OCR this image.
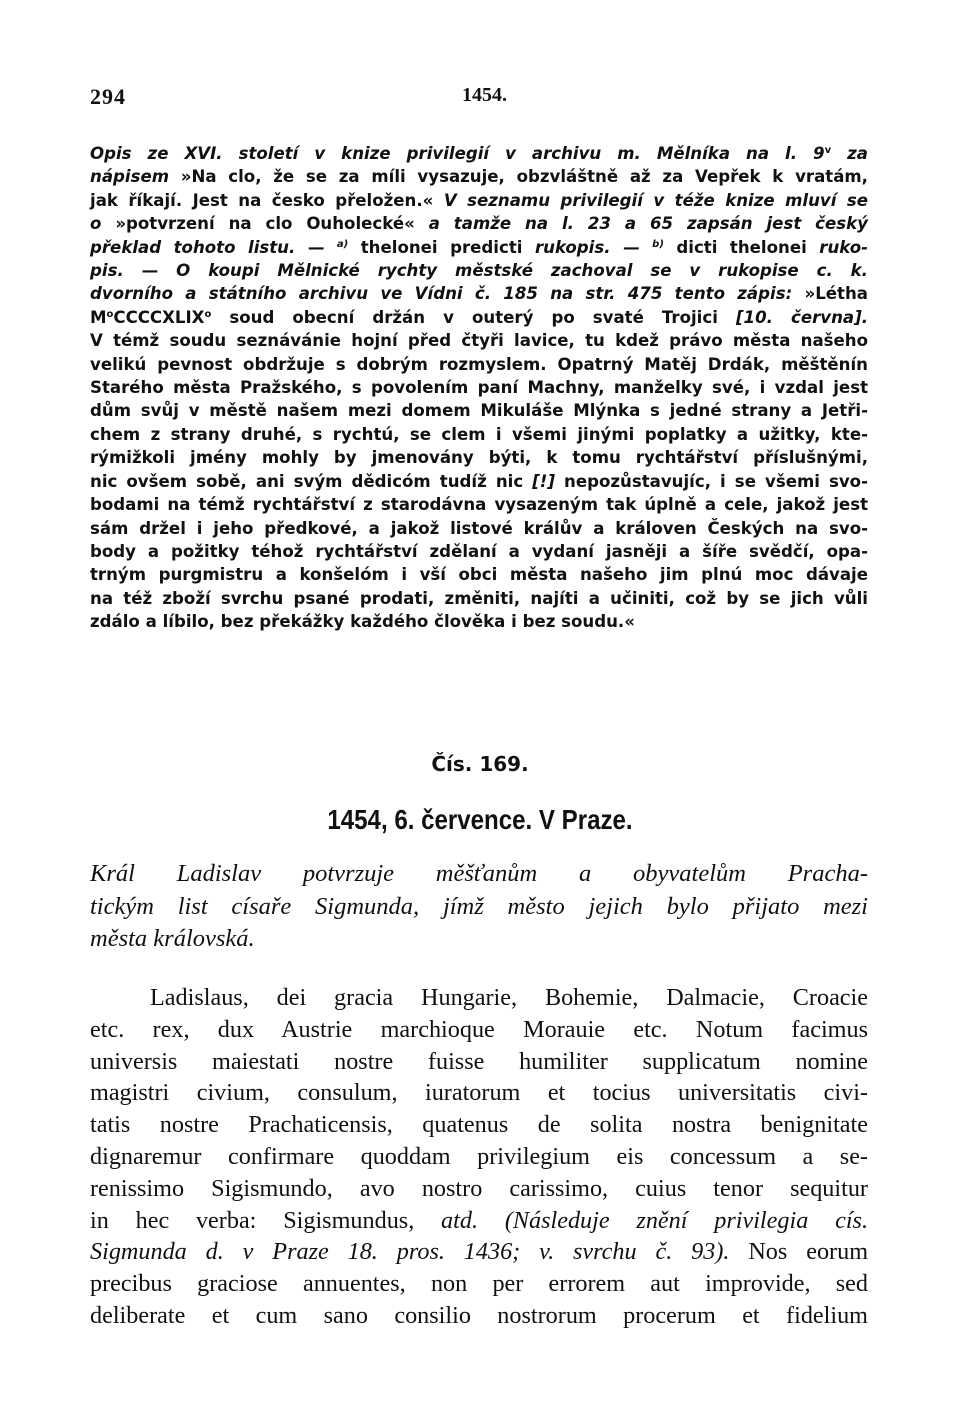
294	1454.
Opis ze XVI. století v knize privilegií v archivu m. Mělníka na l. 9$^v$ za
nápisem »Na clo, že se za míli vysazuje, obzvláštně až za Vepřek k vratám,
jak říkají. Jest na česko přeložen.« V seznamu privilegií v téže knize mluví se
o »potvrzení na clo Ouholecké« a tamže na l. 23 a 65 zapsán jest český
překlad tohoto listu. — $^{a)}$ thelonei predicti rukopis. — $^{b)}$ dicti thelonei ruko-
pis. — O koupi Mělnické rychty městské zachoval se v rukopise c. k.
dvorního a státního archivu ve Vídni č. 185 na str. 475 tento zápis: »Létha
$M^oCCCCXLIX^o$ soud obecní držán v outerý po svaté Trojici [10. června].
V témž soudu seznávánie hojní před čtyři lavice, tu kdež právo města našeho
velikú pevnost obdržuje s dobrým rozmyslem. Opatrný Matěj Drdák, měštěnín
Starého města Pražského, s povolením paní Machny, manželky své, i vzdal jest
dům svůj v městě našem mezi domem Mikuláše Mlýnka s jedné strany a Jetři-
chem z strany druhé, s rychtú, se clem i všemi jinými poplatky a užitky, kte-
rýmižkoli jmény mohly by jmenovány býti, k tomu rychtářství příslušnými,
nic ovšem sobě, ani svým dědicóm tudíž nic [!] nepozůstavujíc, i se všemi svo-
bodami na témž rychtářství z starodávna vysazeným tak úplně a cele, jakož jest
sám držel i jeho předkové, a jakož listové králův a královen Českých na svo-
body a požitky téhož rychtářství zdělaní a vydaní jasněji a šíře svědčí, opa-
trným purgmistru a konšelóm i vší obci města našeho jim plnú moc dávaje
na též zboží svrchu psané prodati, změniti, najíti a učiniti, což by se jich vůli
zdálo a líbilo, bez překážky každého člověka i bez soudu.«
Čís. 169.
1454, 6. července. V Praze.
Král Ladislav potvrzuje měšťanům a obyvatelům Pracha-
tickým list císaře Sigmunda, jímž město jejich bylo přijato mezi
města královská.
Ladislaus, dei gracia Hungarie, Bohemie, Dalmacie, Croacie
etc. rex, dux Austrie marchioque Morauie etc. Notum facimus
universis maiestati nostre fuisse humiliter supplicatum nomine
magistri civium, consulum, iuratorum et tocius universitatis civi-
tatis nostre Prachaticensis, quatenus de solita nostra benignitate
dignaremur confirmare quoddam privilegium eis concessum a se-
renissimo Sigismundo, avo nostro carissimo, cuius tenor sequitur
in hec verba: Sigismundus, atd. (Následuje znění privilegia cís.
Sigmunda d. v Praze 18. pros. 1436; v. svrchu č. 93). Nos eorum
precibus graciose annuentes, non per errorem aut improvide, sed
deliberate et cum sano consilio nostrorum procerum et fidelium
